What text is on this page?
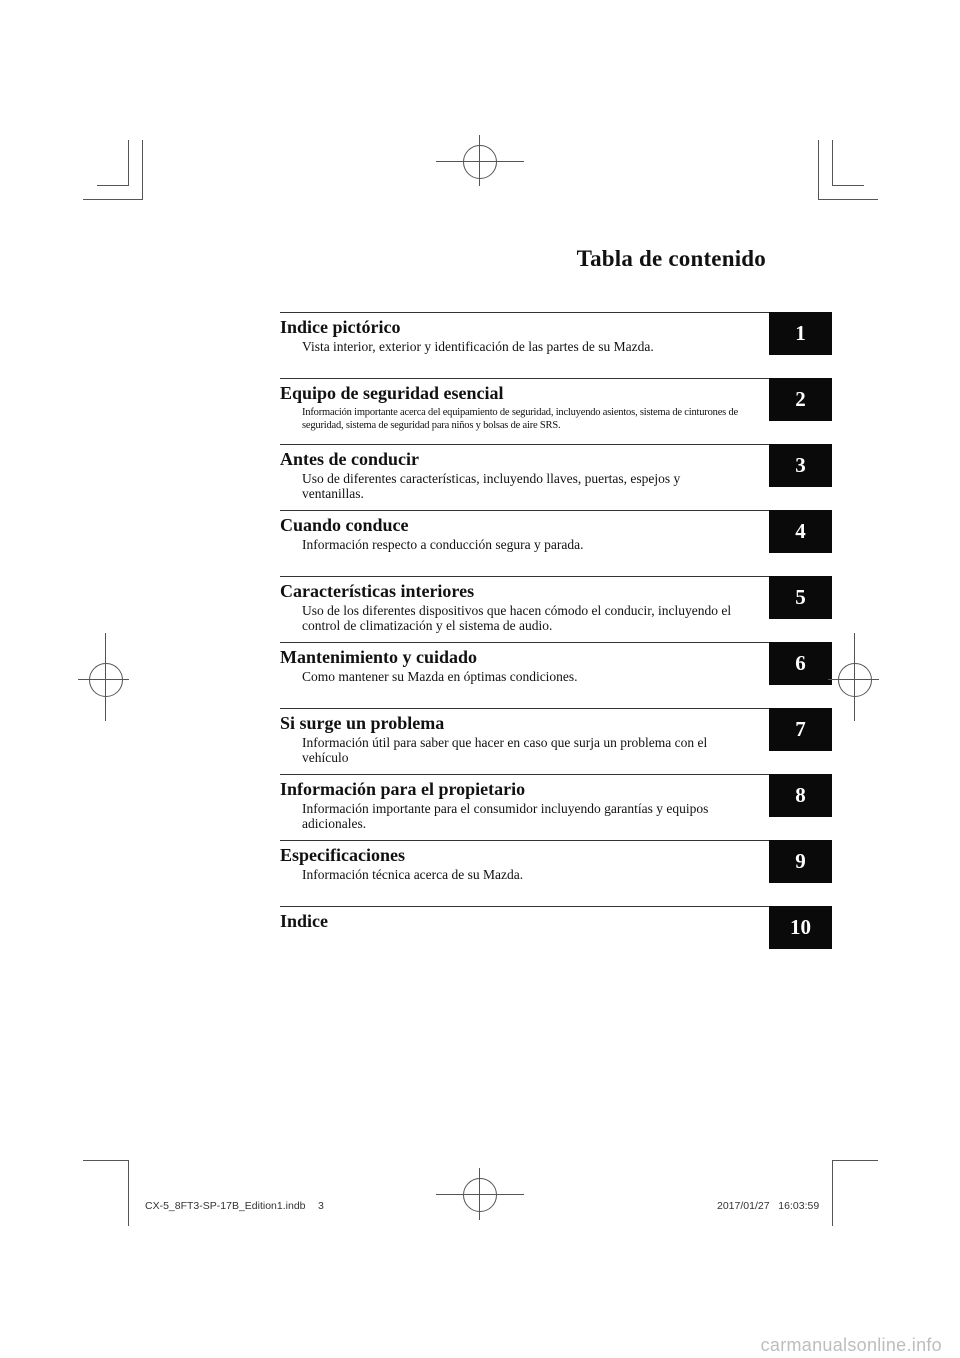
Tabla de contenido
Indice pictórico
Vista interior, exterior y identificación de las partes de su Mazda.
1
Equipo de seguridad esencial
Información importante acerca del equipamiento de seguridad, incluyendo asientos, sistema de cinturones de seguridad, sistema de seguridad para niños y bolsas de aire SRS.
2
Antes de conducir
Uso de diferentes características, incluyendo llaves, puertas, espejos y ventanillas.
3
Cuando conduce
Información respecto a conducción segura y parada.
4
Características interiores
Uso de los diferentes dispositivos que hacen cómodo el conducir, incluyendo el control de climatización y el sistema de audio.
5
Mantenimiento y cuidado
Como mantener su Mazda en óptimas condiciones.
6
Si surge un problema
Información útil para saber que hacer en caso que surja un problema con el vehículo
7
Información para el propietario
Información importante para el consumidor incluyendo garantías y equipos adicionales.
8
Especificaciones
Información técnica acerca de su Mazda.
9
Indice	10
CX-5_8FT3-SP-17B_Edition1.indb 3	2017/01/27   16:03:59
carmanualsonline.info
